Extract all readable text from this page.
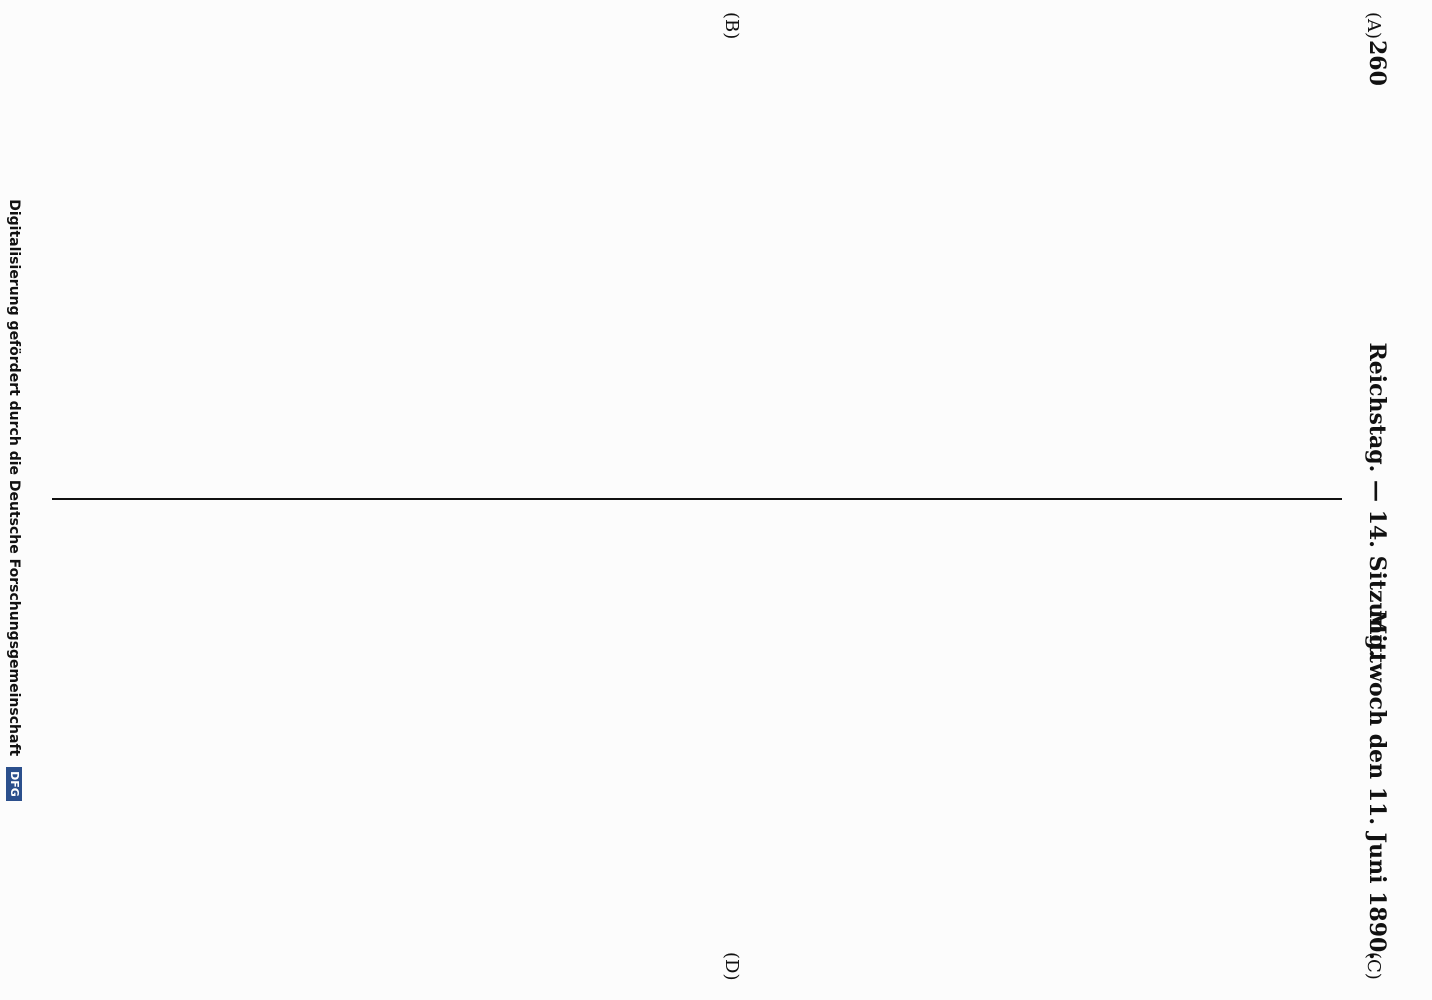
260
Reichstag. — 14. Sitzung.
Mittwoch den 11. Juni 1890.
(A)
(B)
(C)
(D)

Digitalisierung gefördert durch die Deutsche Forschungsgemeinschaft DFG
